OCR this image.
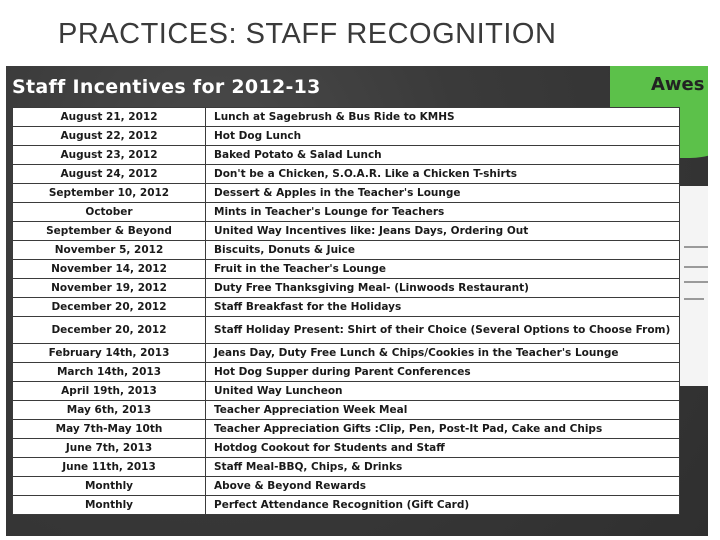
PRACTICES: STAFF RECOGNITION
Staff Incentives for 2012-13	Awes
August 21, 2012	Lunch at Sagebrush & Bus Ride to KMHS
August 22, 2012	Hot Dog Lunch
August 23, 2012	Baked Potato & Salad Lunch
August 24, 2012	Don't be a Chicken, S.O.A.R. Like a Chicken T-shirts
September 10, 2012	Dessert & Apples in the Teacher's Lounge
October	Mints in Teacher's Lounge for Teachers
September & Beyond	United Way Incentives like: Jeans Days, Ordering Out
November 5, 2012	Biscuits, Donuts & Juice
November 14, 2012	Fruit in the Teacher's Lounge
November 19, 2012	Duty Free Thanksgiving Meal- (Linwoods Restaurant)
December 20, 2012	Staff Breakfast for the Holidays
December 20, 2012	Staff Holiday Present: Shirt of their Choice (Several Options to Choose From)
February 14th, 2013	Jeans Day, Duty Free Lunch & Chips/Cookies in the Teacher's Lounge
March 14th, 2013	Hot Dog Supper during Parent Conferences
April 19th, 2013	United Way Luncheon
May 6th, 2013	Teacher Appreciation Week Meal
May 7th-May 10th	Teacher Appreciation Gifts :Clip, Pen, Post-It Pad, Cake and Chips
June 7th, 2013	Hotdog Cookout for Students and Staff
June 11th, 2013	Staff Meal-BBQ, Chips, & Drinks
Monthly	Above & Beyond Rewards
Monthly	Perfect Attendance Recognition (Gift Card)
